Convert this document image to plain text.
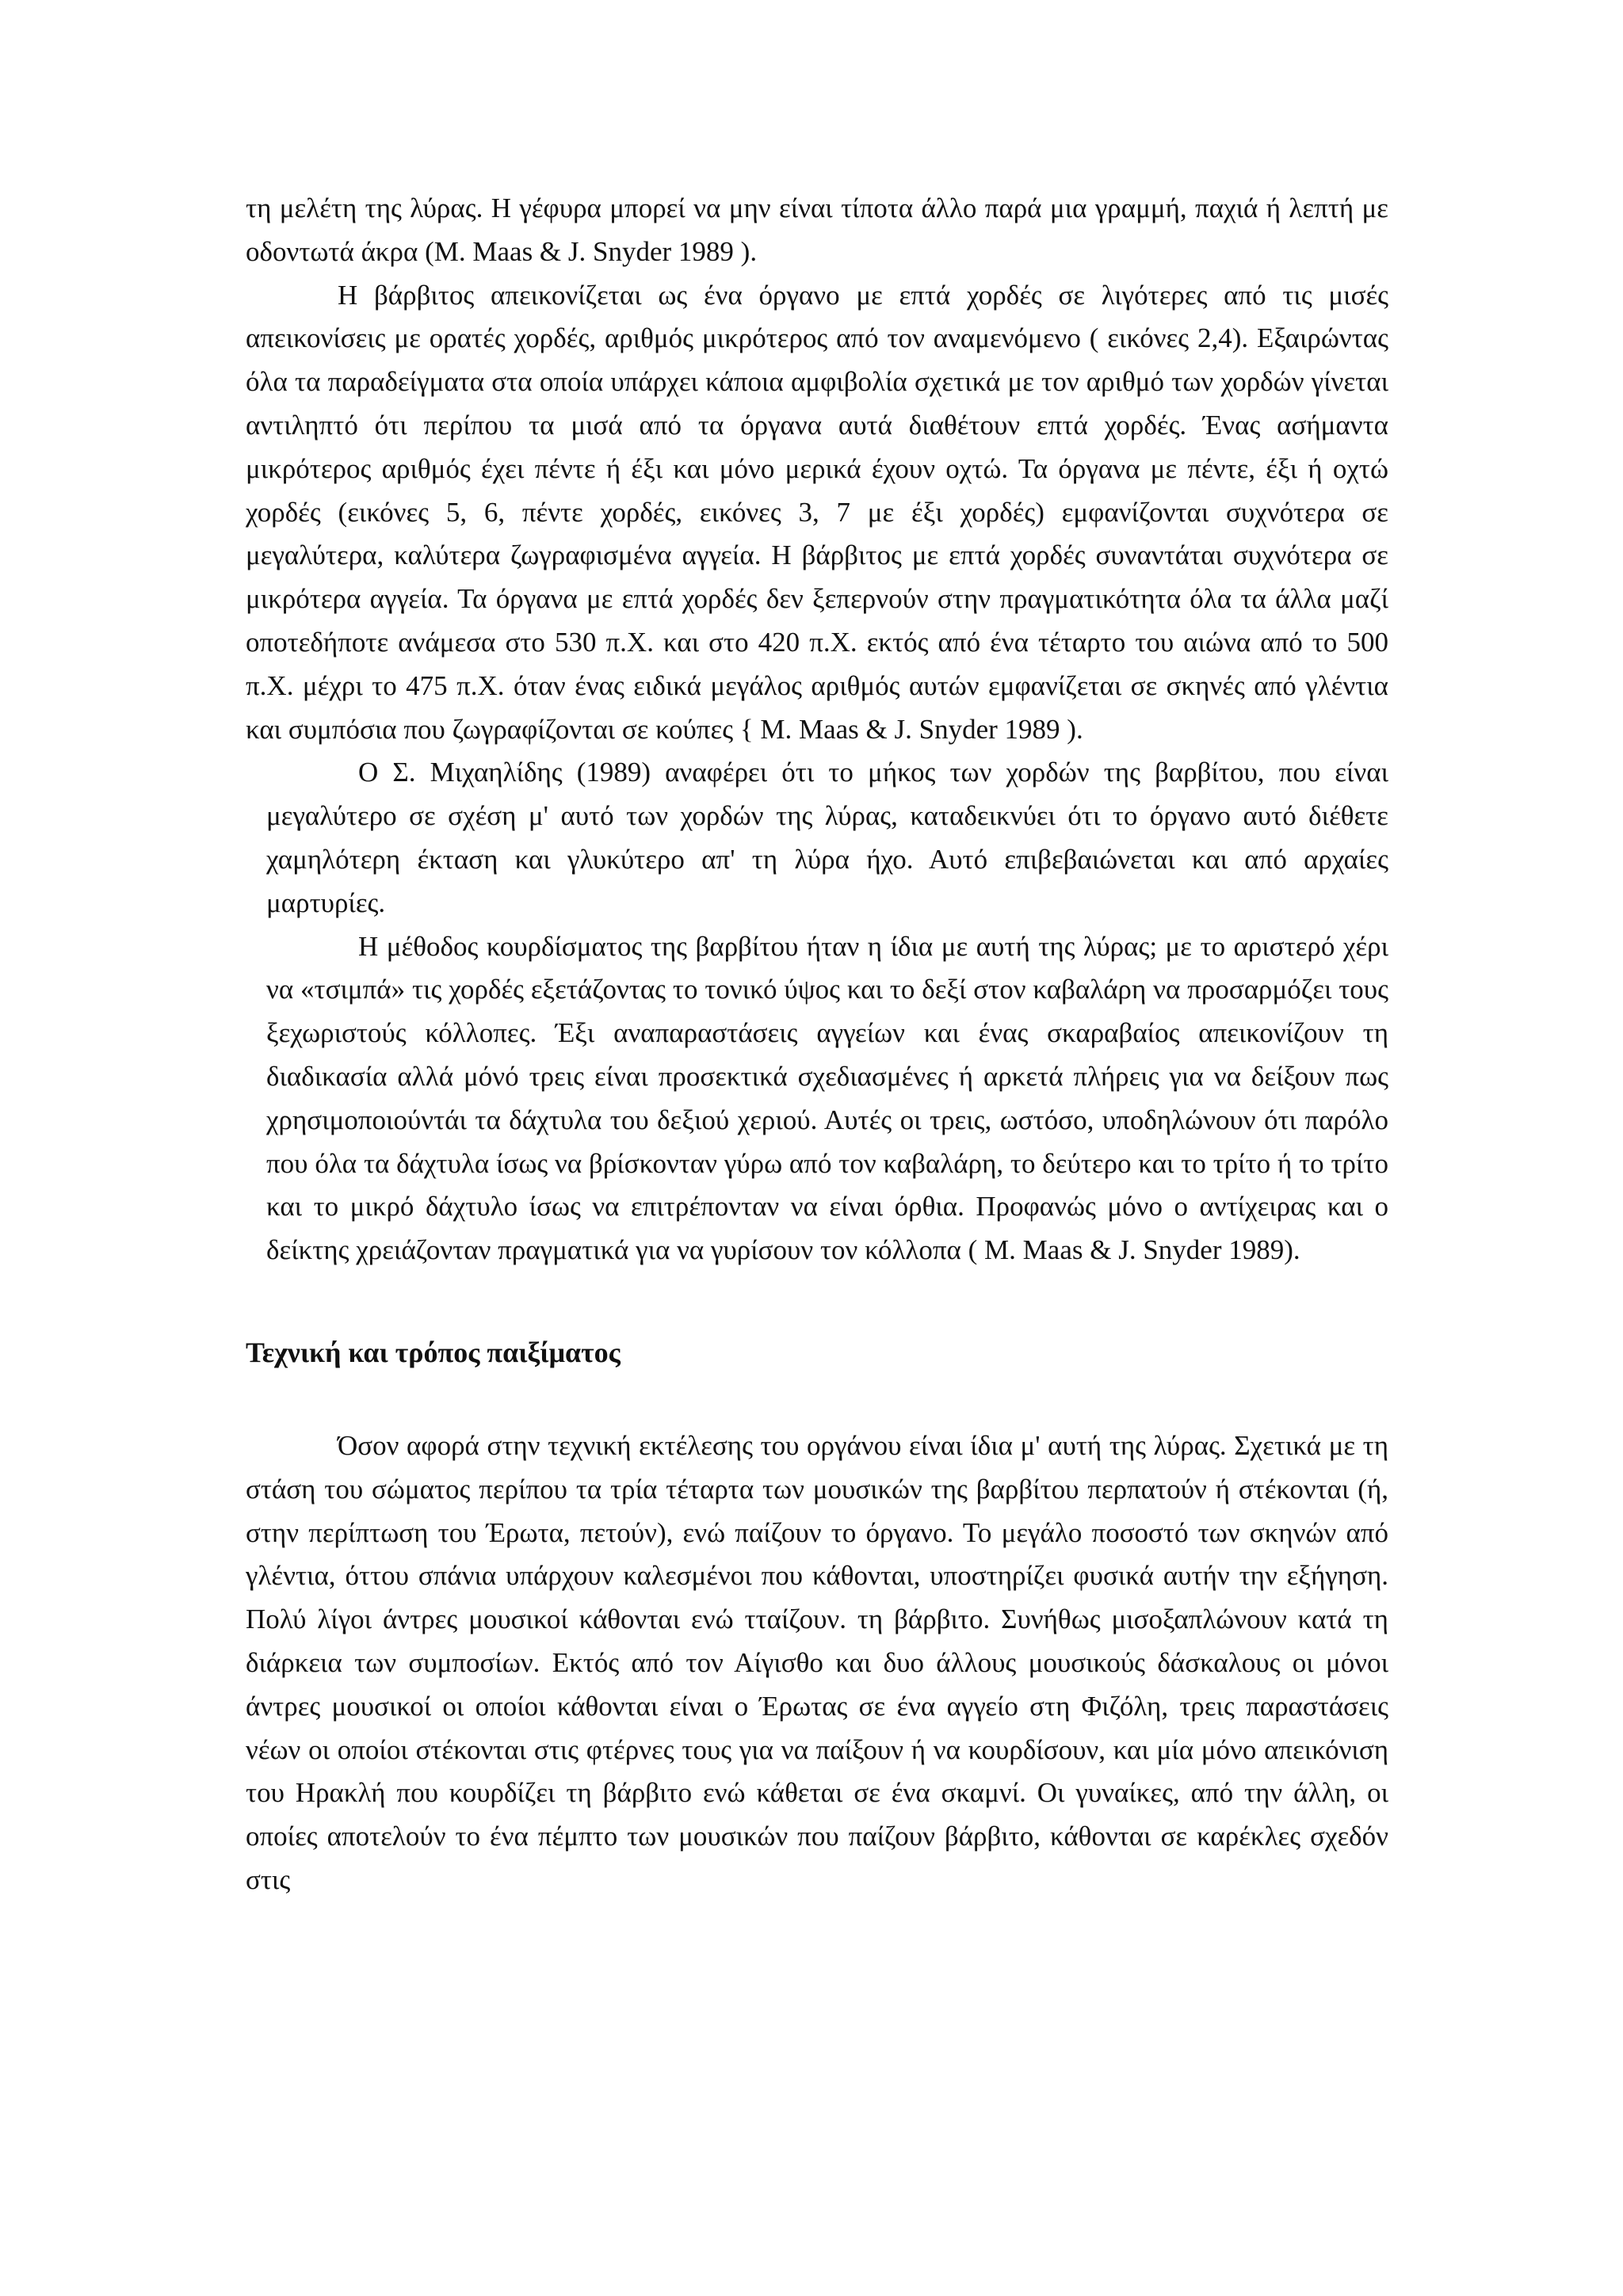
τη μελέτη της λύρας. Η γέφυρα μπορεί να μην είναι τίποτα άλλο παρά μια γραμμή, παχιά ή λεπτή με οδοντωτά άκρα (M. Maas & J. Snyder 1989 ).

Η βάρβιτος απεικονίζεται ως ένα όργανο με επτά χορδές σε λιγότερες από τις μισές απεικονίσεις με ορατές χορδές, αριθμός μικρότερος από τον αναμενόμενο ( εικόνες 2,4). Εξαιρώντας όλα τα παραδείγματα στα οποία υπάρχει κάποια αμφιβολία σχετικά με τον αριθμό των χορδών γίνεται αντιληπτό ότι περίπου τα μισά από τα όργανα αυτά διαθέτουν επτά χορδές. Ένας ασήμαντα μικρότερος αριθμός έχει πέντε ή έξι και μόνο μερικά έχουν οχτώ. Τα όργανα με πέντε, έξι ή οχτώ χορδές (εικόνες 5, 6, πέντε χορδές, εικόνες 3, 7 με έξι χορδές) εμφανίζονται συχνότερα σε μεγαλύτερα, καλύτερα ζωγραφισμένα αγγεία. Η βάρβιτος με επτά χορδές συναντάται συχνότερα σε μικρότερα αγγεία. Τα όργανα με επτά χορδές δεν ξεπερνούν στην πραγματικότητα όλα τα άλλα μαζί οποτεδήποτε ανάμεσα στο 530 π.Χ. και στο 420 π.Χ. εκτός από ένα τέταρτο του αιώνα από το 500 π.Χ. μέχρι το 475 π.Χ. όταν ένας ειδικά μεγάλος αριθμός αυτών εμφανίζεται σε σκηνές από γλέντια και συμπόσια που ζωγραφίζονται σε κούπες { M. Maas & J. Snyder 1989 ).

Ο Σ. Μιχαηλίδης (1989) αναφέρει ότι το μήκος των χορδών της βαρβίτου, που είναι μεγαλύτερο σε σχέση μ' αυτό των χορδών της λύρας, καταδεικνύει ότι το όργανο αυτό διέθετε χαμηλότερη έκταση και γλυκύτερο απ' τη λύρα ήχο. Αυτό επιβεβαιώνεται και από αρχαίες μαρτυρίες.

Η μέθοδος κουρδίσματος της βαρβίτου ήταν η ίδια με αυτή της λύρας; με το αριστερό χέρι να «τσιμπά» τις χορδές εξετάζοντας το τονικό ύψος και το δεξί στον καβαλάρη να προσαρμόζει τους ξεχωριστούς κόλλοπες. Έξι αναπαραστάσεις αγγείων και ένας σκαραβαίος απεικονίζουν τη διαδικασία αλλά μόνό τρεις είναι προσεκτικά σχεδιασμένες ή αρκετά πλήρεις για να δείξουν πως χρησιμοποιούντάι τα δάχτυλα του δεξιού χεριού. Αυτές οι τρεις, ωστόσο, υποδηλώνουν ότι παρόλο που όλα τα δάχτυλα ίσως να βρίσκονταν γύρω από τον καβαλάρη, το δεύτερο και το τρίτο ή το τρίτο και το μικρό δάχτυλο ίσως να επιτρέπονταν να είναι όρθια. Προφανώς μόνο ο αντίχειρας και ο δείκτης χρειάζονταν πραγματικά για να γυρίσουν τον κόλλοπα ( M. Maas & J. Snyder 1989).

Τεχνική και τρόπος παιξίματος

Όσον αφορά στην τεχνική εκτέλεσης του οργάνου είναι ίδια μ' αυτή της λύρας. Σχετικά με τη στάση του σώματος περίπου τα τρία τέταρτα των μουσικών της βαρβίτου περπατούν ή στέκονται (ή, στην περίπτωση του Έρωτα, πετούν), ενώ παίζουν το όργανο. Το μεγάλο ποσοστό των σκηνών από γλέντια, όττου σπάνια υπάρχουν καλεσμένοι που κάθονται, υποστηρίζει φυσικά αυτήν την εξήγηση. Πολύ λίγοι άντρες μουσικοί κάθονται ενώ τταίζουν. τη βάρβιτο. Συνήθως μισοξαπλώνουν κατά τη διάρκεια των συμποσίων. Εκτός από τον Αίγισθο και δυο άλλους μουσικούς δάσκαλους οι μόνοι άντρες μουσικοί οι οποίοι κάθονται είναι ο Έρωτας σε ένα αγγείο στη Φιζόλη, τρεις παραστάσεις νέων οι οποίοι στέκονται στις φτέρνες τους για να παίξουν ή να κουρδίσουν, και μία μόνο απεικόνιση του Ηρακλή που κουρδίζει τη βάρβιτο ενώ κάθεται σε ένα σκαμνί. Οι γυναίκες, από την άλλη, οι οποίες αποτελούν το ένα πέμπτο των μουσικών που παίζουν βάρβιτο, κάθονται σε καρέκλες σχεδόν στις
